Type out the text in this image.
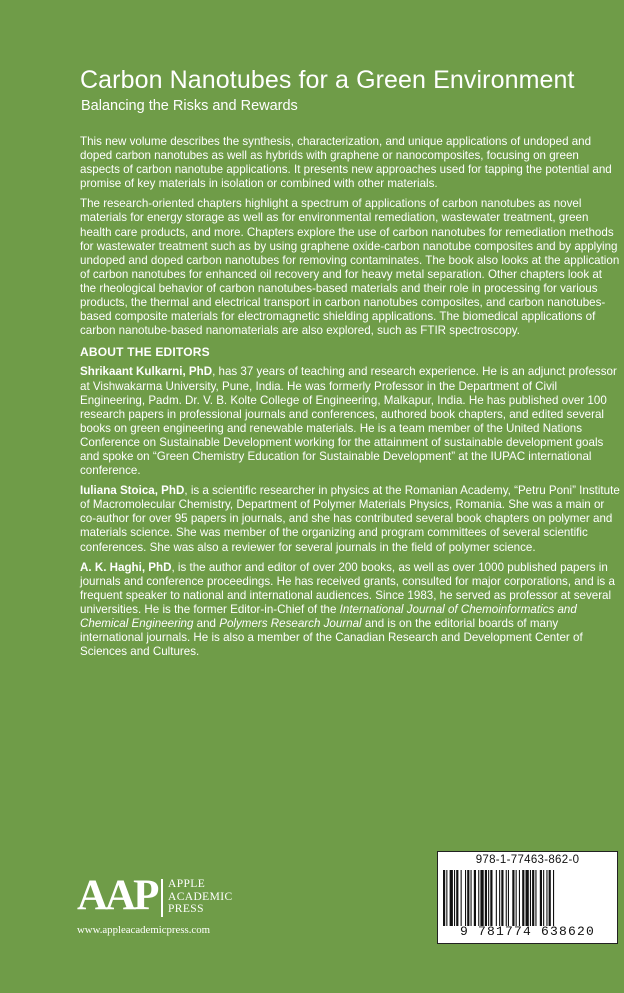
Carbon Nanotubes for a Green Environment
Balancing the Risks and Rewards

This new volume describes the synthesis, characterization, and unique applications of undoped and doped carbon nanotubes as well as hybrids with graphene or nanocomposites, focusing on green aspects of carbon nanotube applications. It presents new approaches used for tapping the potential and promise of key materials in isolation or combined with other materials.

The research-oriented chapters highlight a spectrum of applications of carbon nanotubes as novel materials for energy storage as well as for environmental remediation, wastewater treatment, green health care products, and more. Chapters explore the use of carbon nanotubes for remediation methods for wastewater treatment such as by using graphene oxide-carbon nanotube composites and by applying undoped and doped carbon nanotubes for removing contaminates. The book also looks at the application of carbon nanotubes for enhanced oil recovery and for heavy metal separation. Other chapters look at the rheological behavior of carbon nanotubes-based materials and their role in processing for various products, the thermal and electrical transport in carbon nanotubes composites, and carbon nanotubes-based composite materials for electromagnetic shielding applications. The biomedical applications of carbon nanotube-based nanomaterials are also explored, such as FTIR spectroscopy.

ABOUT THE EDITORS

Shrikaant Kulkarni, PhD, has 37 years of teaching and research experience. He is an adjunct professor at Vishwakarma University, Pune, India. He was formerly Professor in the Department of Civil Engineering, Padm. Dr. V. B. Kolte College of Engineering, Malkapur, India. He has published over 100 research papers in professional journals and conferences, authored book chapters, and edited several books on green engineering and renewable materials. He is a team member of the United Nations Conference on Sustainable Development working for the attainment of sustainable development goals and spoke on “Green Chemistry Education for Sustainable Development” at the IUPAC international conference.

Iuliana Stoica, PhD, is a scientific researcher in physics at the Romanian Academy, “Petru Poni” Institute of Macromolecular Chemistry, Department of Polymer Materials Physics, Romania. She was a main or co-author for over 95 papers in journals, and she has contributed several book chapters on polymer and materials science. She was member of the organizing and program committees of several scientific conferences. She was also a reviewer for several journals in the field of polymer science.

A. K. Haghi, PhD, is the author and editor of over 200 books, as well as over 1000 published papers in journals and conference proceedings. He has received grants, consulted for major corporations, and is a frequent speaker to national and international audiences. Since 1983, he served as professor at several universities. He is the former Editor-in-Chief of the International Journal of Chemoinformatics and Chemical Engineering and Polymers Research Journal and is on the editorial boards of many international journals. He is also a member of the Canadian Research and Development Center of Sciences and Cultures.

AAP APPLE
ACADEMIC
PRESS
www.appleacademicpress.com
978-1-77463-862-0
9 781774 638620
